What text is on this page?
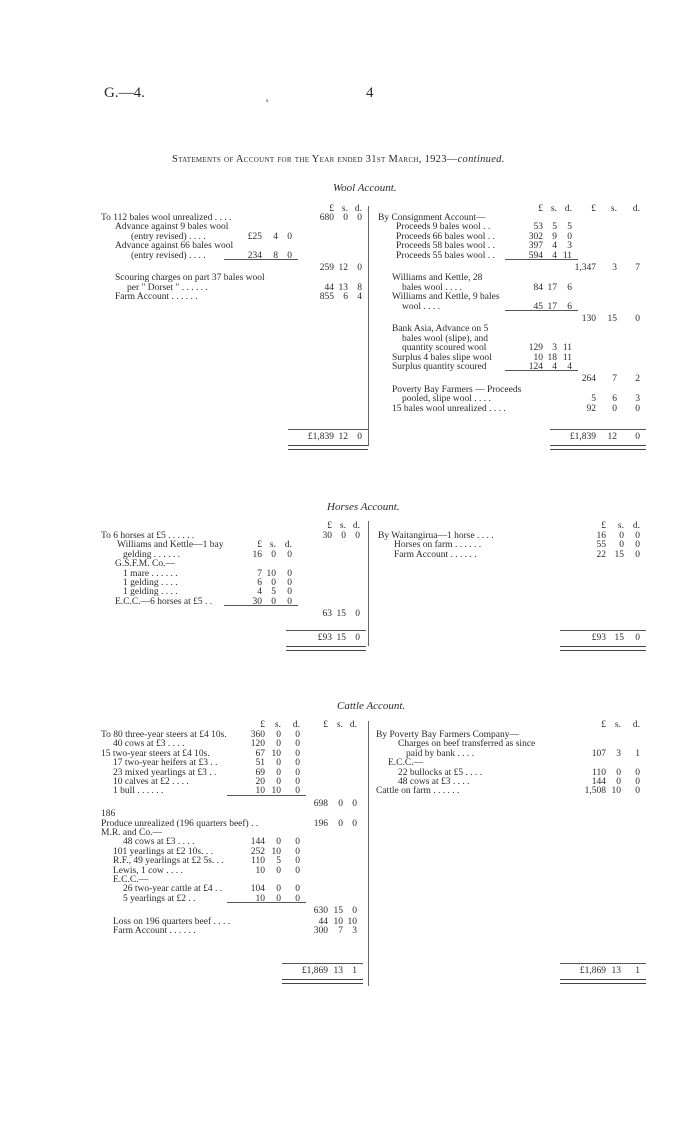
G.—4.
'
4
Statements of Account for the Year ended 31st March, 1923—continued.
Wool Account.
£ s. d.
To 112 bales wool unrealized . . . .	680 0 0
Advance against 9 bales wool
(entry revised) . . . .	£25	4 0
Advance against 66 bales wool
(entry revised) . . . .	234	8 0
259 12 0
Scouring charges on part 37 bales wool
per " Dorset " . . . . . .	44 13 8
Farm Account . . . . . .	855 6 4
£1,839 12 0
£ s. d.	£	s.	d.
By Consignment Account—
Proceeds 9 bales wool . .	53 5	5
Proceeds 66 bales wool . .	302 9	0
Proceeds 58 bales wool . .	397 4	3
Proceeds 55 bales wool . .	594 4 11
1,347	3	7
Williams and Kettle, 28
bales wool . . . .	84 17	6
Williams and Kettle, 9 bales
wool . . . .	45 17	6
130	15	0
Bank Asia, Advance on 5
bales wool (slipe), and
quantity scoured wool	129 3 11
Surplus 4 bales slipe wool	10 18 11
Surplus quantity scoured	124 4	4
264	7	2
Poverty Bay Farmers — Proceeds
pooled, slipe wool . . . .	5	6	3
15 bales wool unrealized . . . .	92	0	0
£1,839	12	0
Horses Account.
£ s. d.
£ s. d.
To 6 horses at £5 . . . . . .	30 0 0
Williams and Kettle—1 bay
gelding . . . . . .	16 0	0
G.S.F.M. Co.—
1 mare . . . . . .	7 10	0
1 gelding . . . .	6 0	0
1 gelding . . . .	4 5	0
E.C.C.—6 horses at £5 . .	30 0	0
63 15 0
£93 15 0
£	s. d.
By Waitangirua—1 horse . . . .	16	0	0
Horses on farm . . . . . .	55	0	0
Farm Account . . . . . .	22 15	0
£93 15	0
Cattle Account.
£	s.	d.	£ s. d.
To 80 three-year steers at £4 10s.	360	0	0
40 cows at £3 . . . .	120	0	0
15 two-year steers at £4 10s.	67 10	0
17 two-year heifers at £3 . .	51	0	0
23 mixed yearlings at £3 . .	69	0	0
10 calves at £2 . . . .	20	0	0
1 bull . . . . . .	10 10	0
698	0 0
186
Produce unrealized (196 quarters beef) . .	196	0 0
M.R. and Co.—
48 cows at £3 . . . .	144	0	0
101 yearlings at £2 10s. . .	252 10	0
R.F., 49 yearlings at £2 5s. . .	110	5	0
Lewis, 1 cow . . . .	10	0	0
E.C.C.—
26 two-year cattle at £4 . .	104	0	0
5 yearlings at £2 . .	10	0	0
630 15 0
Loss on 196 quarters beef . . . .	44 10 10
Farm Account . . . . . .	300	7 3
£1,869 13 1
£ s.	d.
By Poverty Bay Farmers Company—
Charges on beef transferred as since
paid by bank . . . .	107	3	1
E.C.C.—
22 bullocks at £5 . . . .	110	0	0
48 cows at £3 . . . .	144	0	0
Cattle on farm . . . . . .	1,508 10	0
£1,869 13	1
